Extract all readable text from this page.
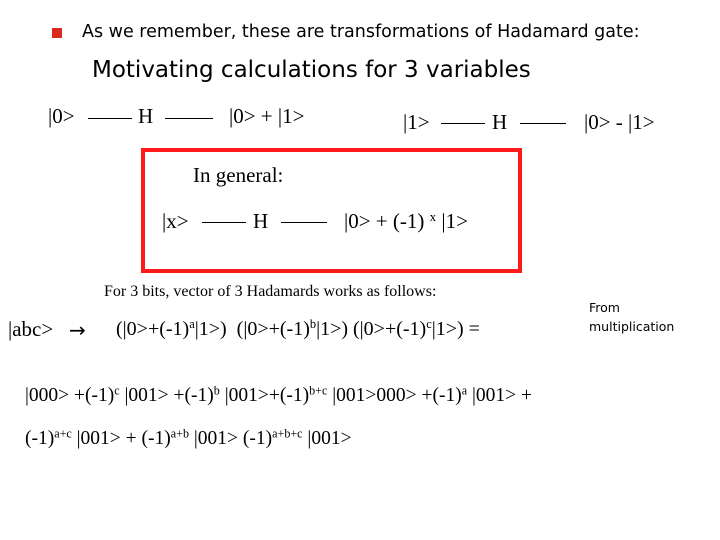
As we remember, these are transformations of Hadamard gate:
Motivating calculations for 3 variables
|0>	H	|0> + |1>	|1>	H	|0> - |1>
In general:
|x>	H	|0> + (-1) $^x$ |1>
For 3 bits, vector of 3 Hadamards works as follows:
$|abc> \to (|0>+(-1)^a|1>)$ $(|0>+(-1)^b|1>) (|0>+(-1)^c|1>)$ =
From
multiplication
$|000> +(-1)^c$ $|001> +(-1)^b$ $|001>+(-1)^{b+c}$ $|001>000> +(-1)^a$ |001> +
$(-1)^{a+c}$ $|001> + (-1)^{a+b}$ $|001> (-1)^{a+b+c}$ |001>
